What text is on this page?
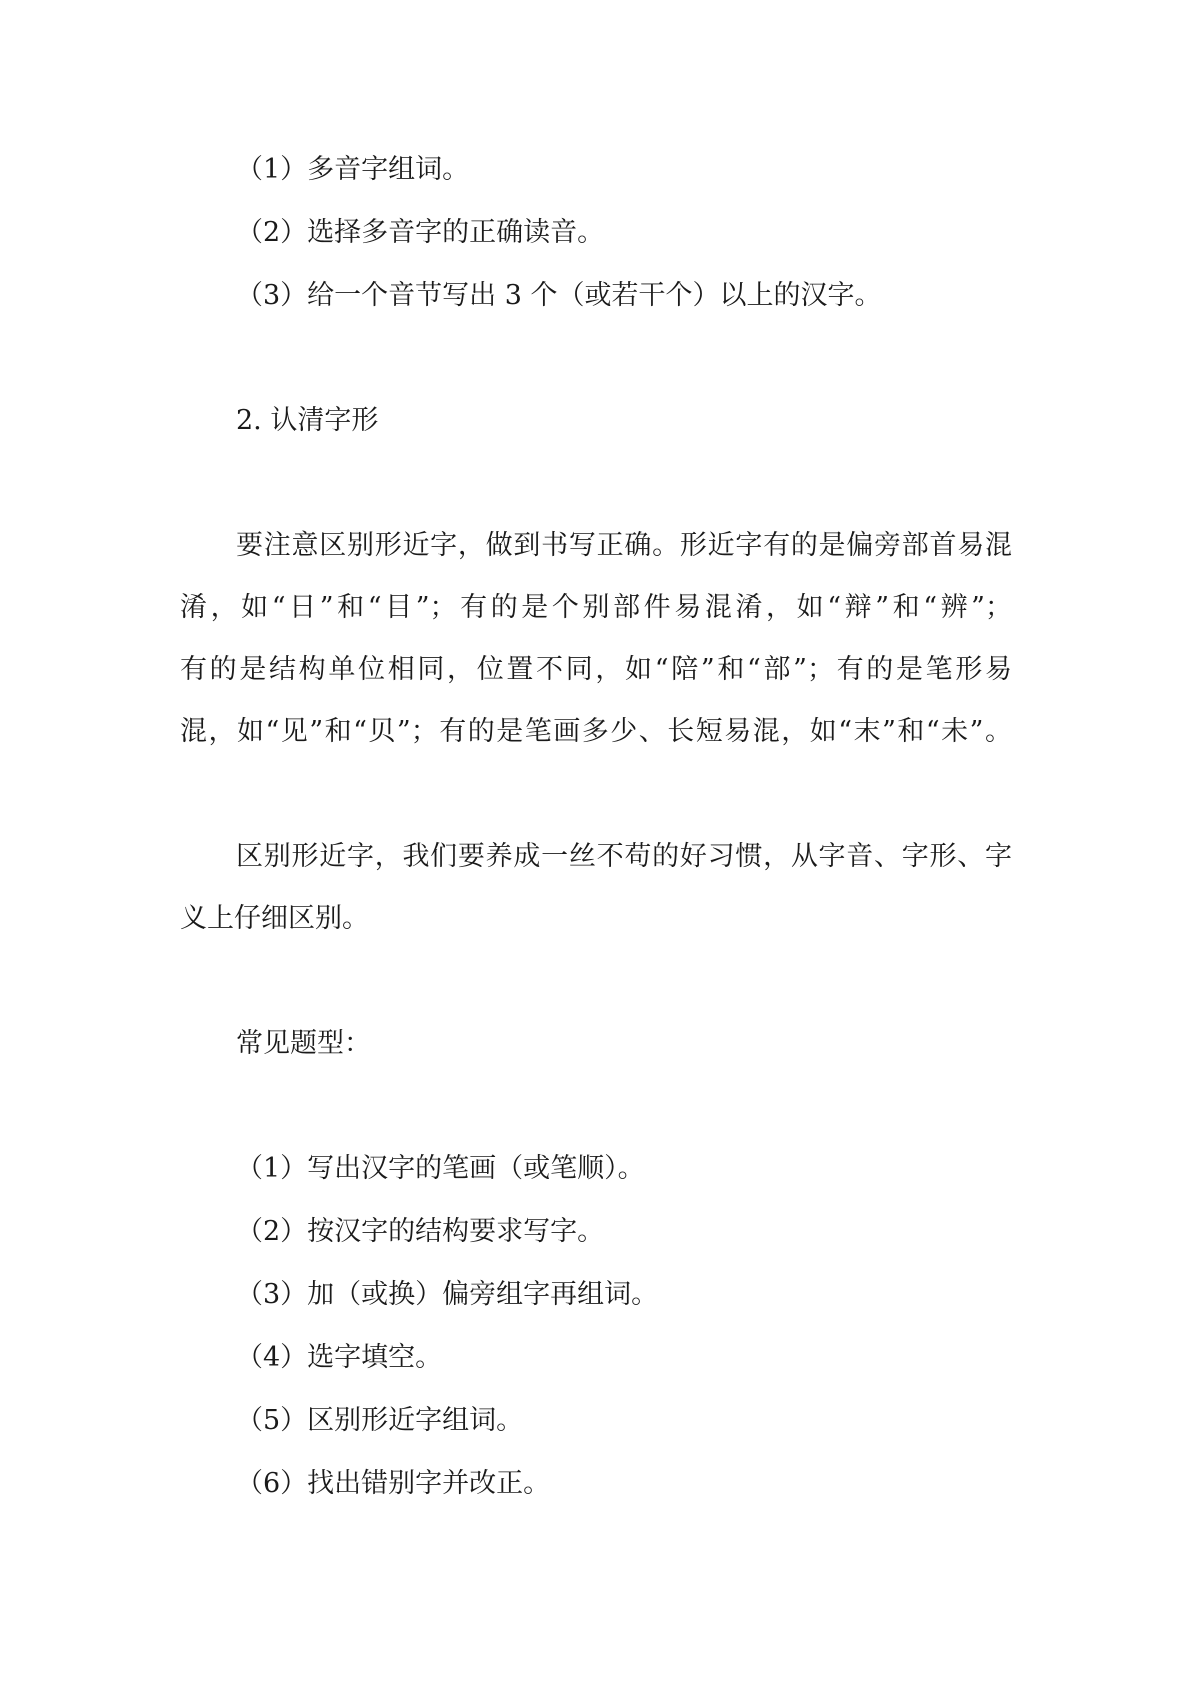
（1）多音字组词。

（2）选择多音字的正确读音。

（3）给一个音节写出 3 个（或若干个）以上的汉字。

2. 认清字形

要注意区别形近字，做到书写正确。形近字有的是偏旁部首易混

淆，如“日”和“目”；有的是个别部件易混淆，如“辩”和“辨”；

有的是结构单位相同，位置不同，如“陪”和“部”；有的是笔形易

混，如“见”和“贝”；有的是笔画多少、长短易混，如“末”和“未”。

区别形近字，我们要养成一丝不苟的好习惯，从字音、字形、字

义上仔细区别。

常见题型：

（1）写出汉字的笔画（或笔顺）。

（2）按汉字的结构要求写字。

（3）加（或换）偏旁组字再组词。

（4）选字填空。

（5）区别形近字组词。

（6）找出错别字并改正。
